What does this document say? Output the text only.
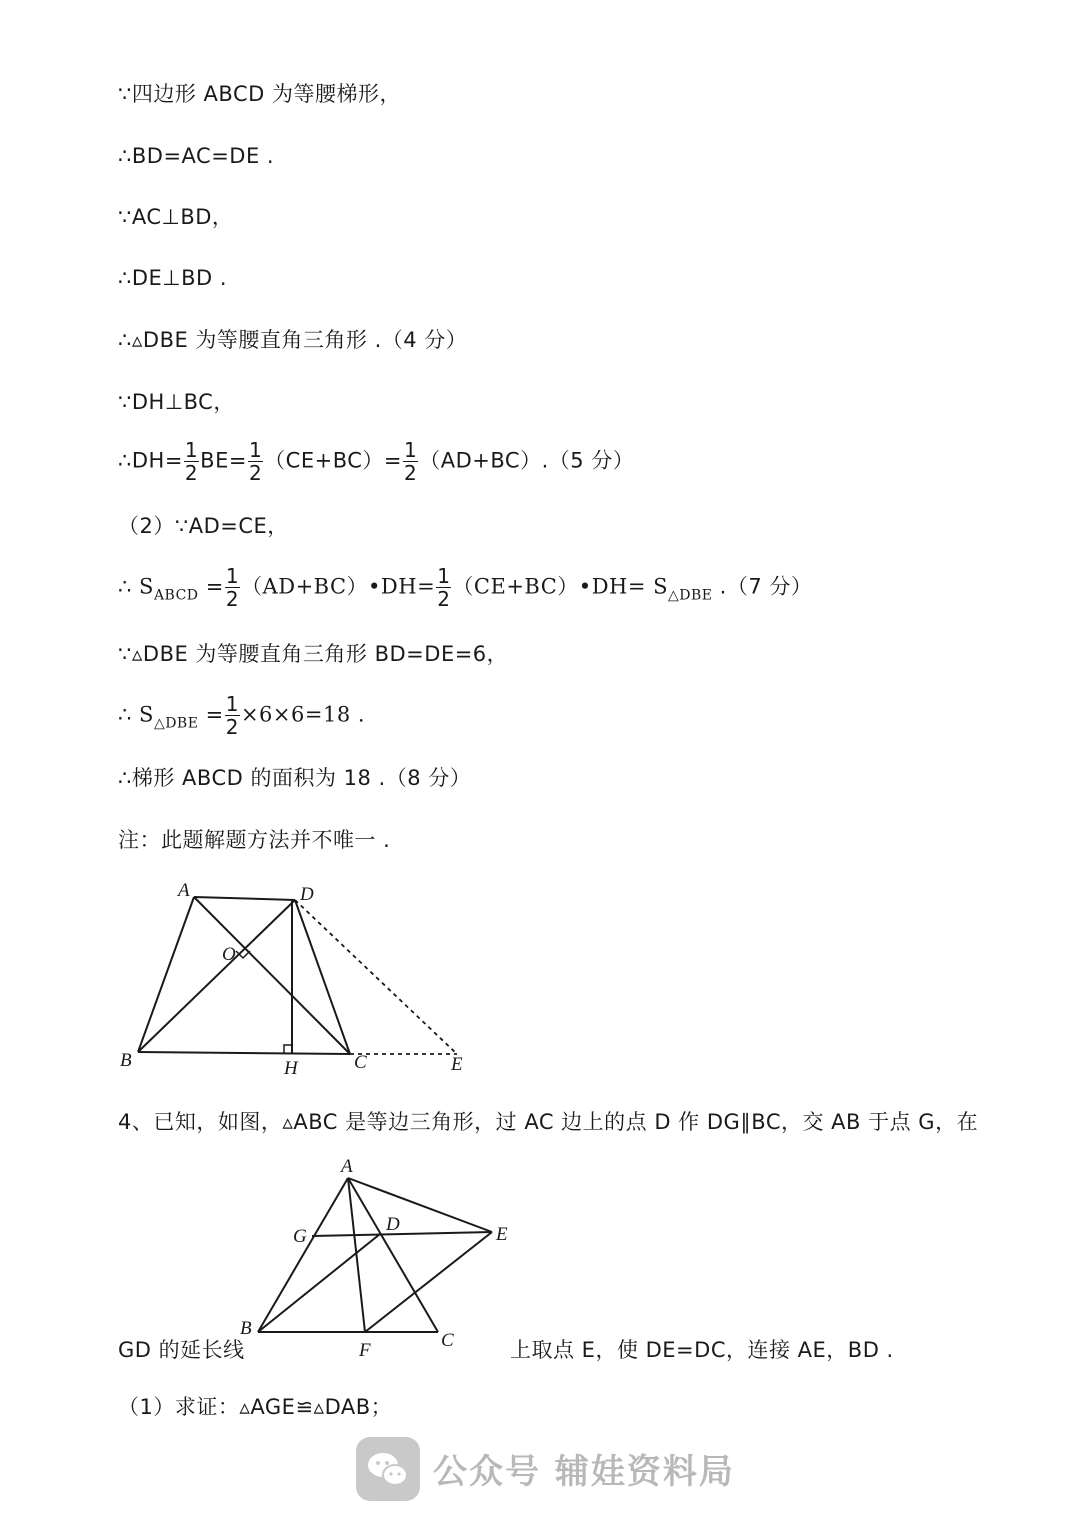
∵四边形 ABCD 为等腰梯形，
∴BD=AC=DE .
∵AC⊥BD，
∴DE⊥BD .
∴▵DBE 为等腰直角三角形 .（4 分）
∵DH⊥BC，
∴DH= $\frac{1}{2} BE= \frac{1}{2} (CE+BC)= \frac{1}{2} (AD+BC).(5$ 分）
（2）∵AD=CE，
∴ $S_{ABCD} = \frac{1}{2}$ （AD+BC）•DH= $\frac{1}{2}$ （CE+BC）•DH= $S_{\triangle DBE}$ .（7 分）
∵▵DBE 为等腰直角三角形 BD=DE=6，
∴ $S_{\triangle DBE} = \frac{1}{2} \times 6\times 6=18$ .
∴梯形 ABCD 的面积为 18 .（8 分）
注：此题解题方法并不唯一 .
A	D
O
B	H	C	E
4、已知，如图，▵ABC 是等边三角形，过 AC 边上的点 D 作 DG∥BC，交 AB 于点 G，在
A
G
D	E
B
F	C
GD 的延长线	上取点 E，使 DE=DC，连接 AE，BD .
（1）求证：▵AGE≌▵DAB；
公众号 辅娃资料局
